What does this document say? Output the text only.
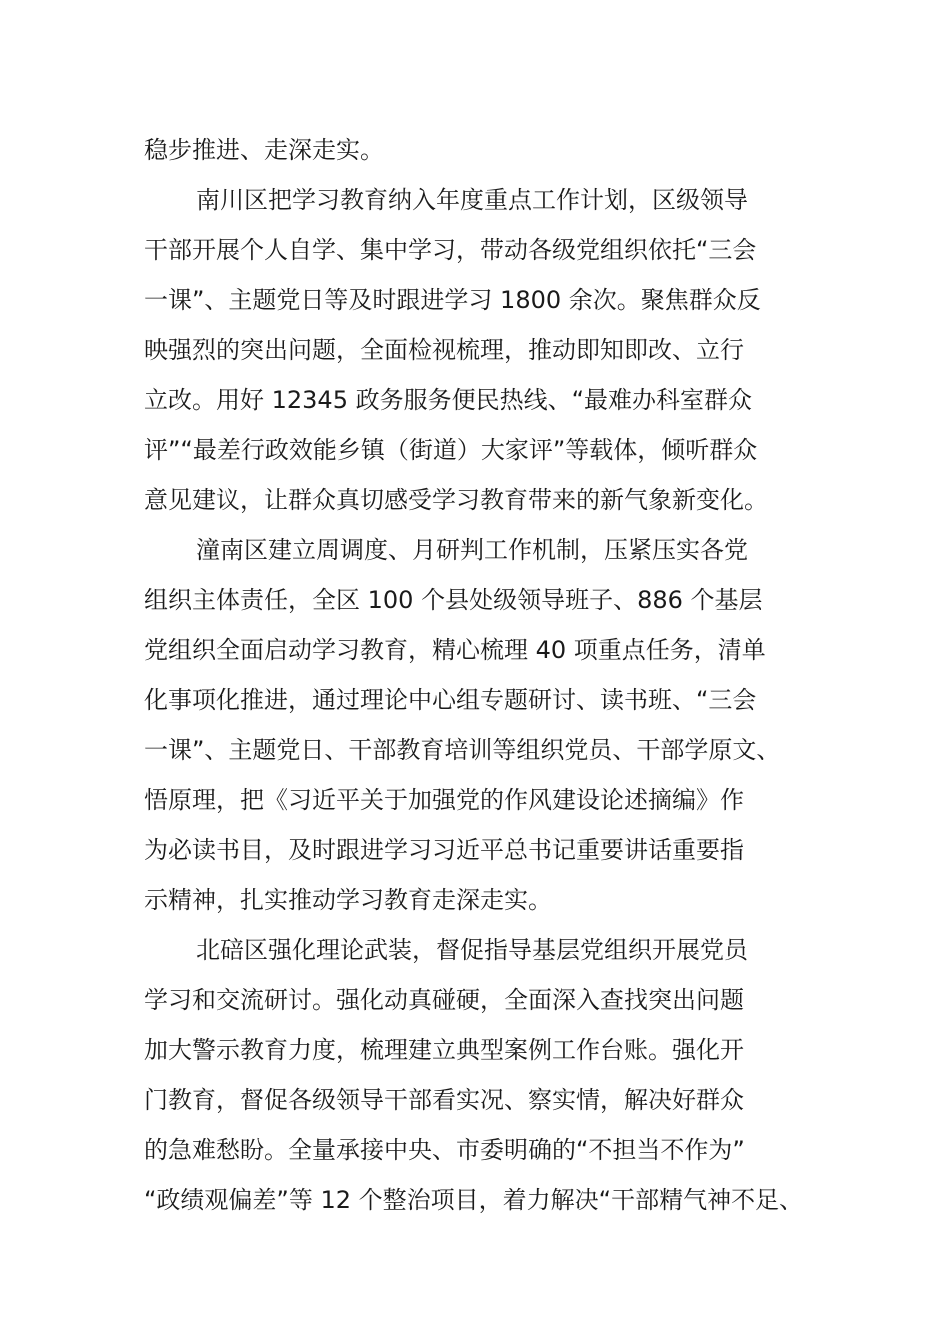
稳步推进、走深走实。
南川区把学习教育纳入年度重点工作计划，区级领导
干部开展个人自学、集中学习，带动各级党组织依托“三会
一课”、主题党日等及时跟进学习 1800 余次。聚焦群众反
映强烈的突出问题，全面检视梳理，推动即知即改、立行
立改。用好 12345 政务服务便民热线、“最难办科室群众
评”“最差行政效能乡镇（街道）大家评”等载体，倾听群众
意见建议，让群众真切感受学习教育带来的新气象新变化。
潼南区建立周调度、月研判工作机制，压紧压实各党
组织主体责任，全区 100 个县处级领导班子、886 个基层
党组织全面启动学习教育，精心梳理 40 项重点任务，清单
化事项化推进，通过理论中心组专题研讨、读书班、“三会
一课”、主题党日、干部教育培训等组织党员、干部学原文、
悟原理，把《习近平关于加强党的作风建设论述摘编》作
为必读书目，及时跟进学习习近平总书记重要讲话重要指
示精神，扎实推动学习教育走深走实。
北碚区强化理论武装，督促指导基层党组织开展党员
学习和交流研讨。强化动真碰硬，全面深入查找突出问题
加大警示教育力度，梳理建立典型案例工作台账。强化开
门教育，督促各级领导干部看实况、察实情，解决好群众
的急难愁盼。全量承接中央、市委明确的“不担当不作为”
“政绩观偏差”等 12 个整治项目，着力解决“干部精气神不足、
